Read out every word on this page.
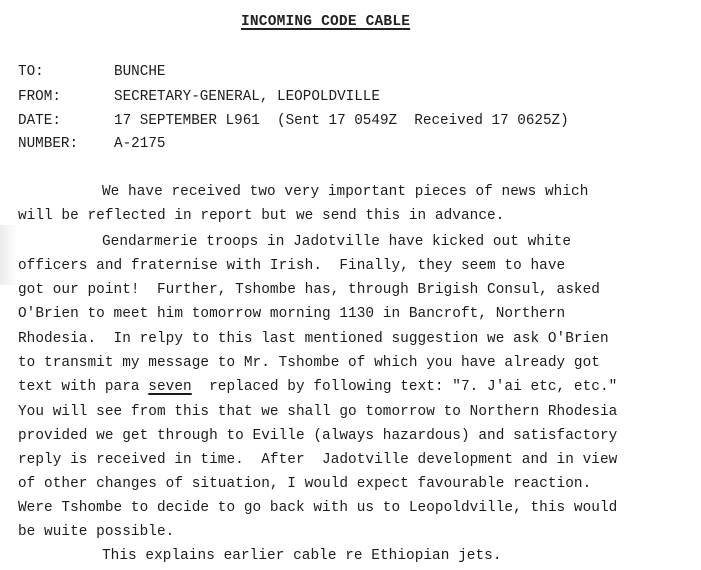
INCOMING CODE CABLE
TO:	BUNCHE
FROM:	SECRETARY-GENERAL, LEOPOLDVILLE
DATE:	17 SEPTEMBER L961  (Sent 17 0549Z  Received 17 0625Z)
NUMBER:	A-2175
We have received two very important pieces of news which
will be reflected in report but we send this in advance.
Gendarmerie troops in Jadotville have kicked out white
officers and fraternise with Irish.  Finally, they seem to have
got our point!  Further, Tshombe has, through Brigish Consul, asked
O'Brien to meet him tomorrow morning 1130 in Bancroft, Northern
Rhodesia.  In relpy to this last mentioned suggestion we ask O'Brien
to transmit my message to Mr. Tshombe of which you have already got
text with para seven  replaced by following text: "7. J'ai etc, etc."
You will see from this that we shall go tomorrow to Northern Rhodesia
provided we get through to Eville (always hazardous) and satisfactory
reply is received in time.  After  Jadotville development and in view
of other changes of situation, I would expect favourable reaction.
Were Tshombe to decide to go back with us to Leopoldville, this would
be wuite possible.
This explains earlier cable re Ethiopian jets.
